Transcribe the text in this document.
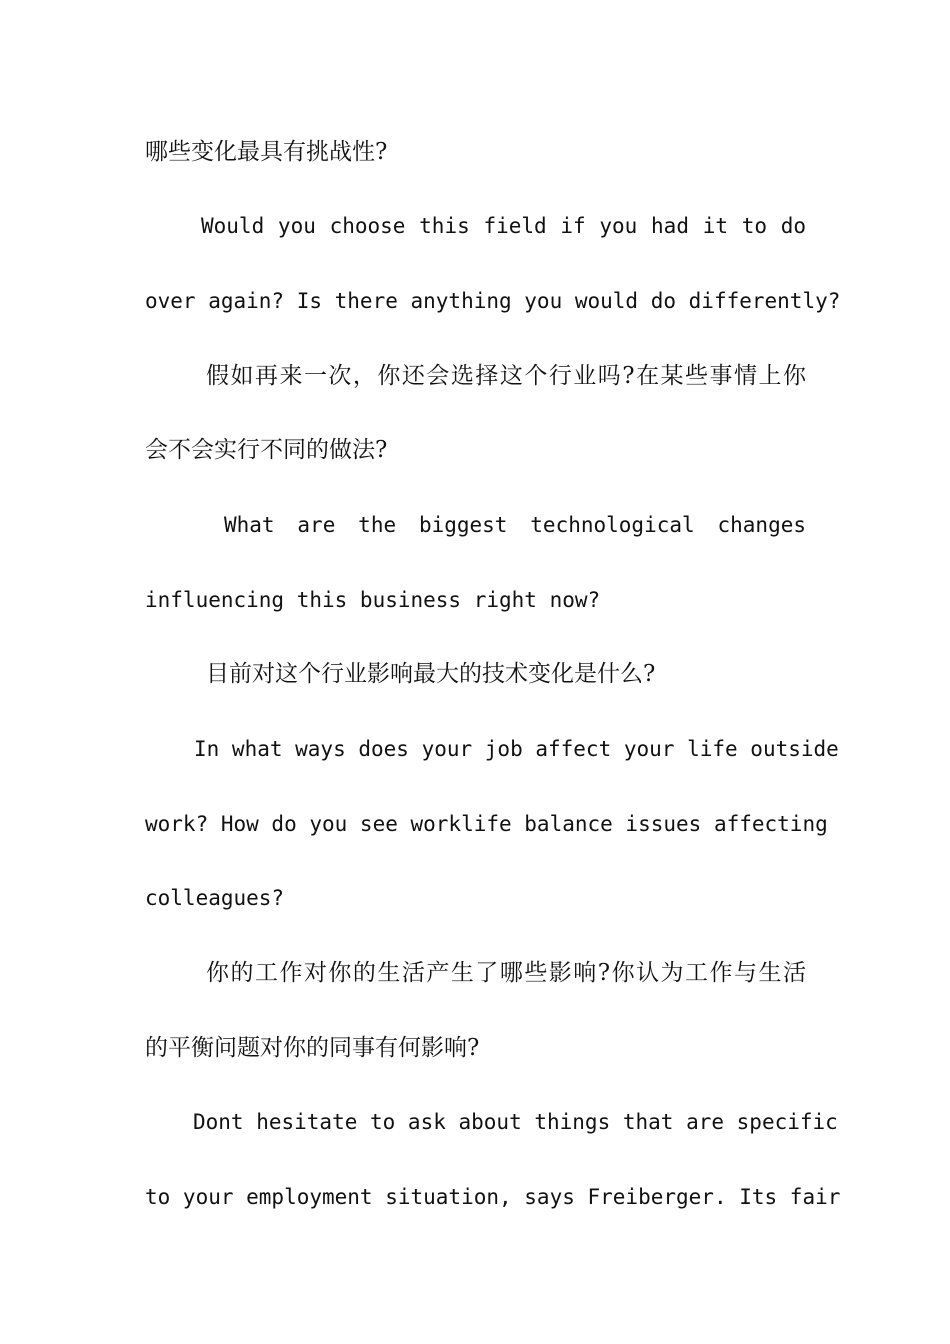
哪些变化最具有挑战性?
Would you choose this field if you had it to do
over again? Is there anything you would do differently?
假如再来一次，你还会选择这个行业吗?在某些事情上你
会不会实行不同的做法?
What are the biggest technological changes
influencing this business right now?
目前对这个行业影响最大的技术变化是什么?
In what ways does your job affect your life outside
work? How do you see worklife balance issues affecting
colleagues?
你的工作对你的生活产生了哪些影响?你认为工作与生活
的平衡问题对你的同事有何影响?
Dont hesitate to ask about things that are specific
to your employment situation, says Freiberger. Its fair
